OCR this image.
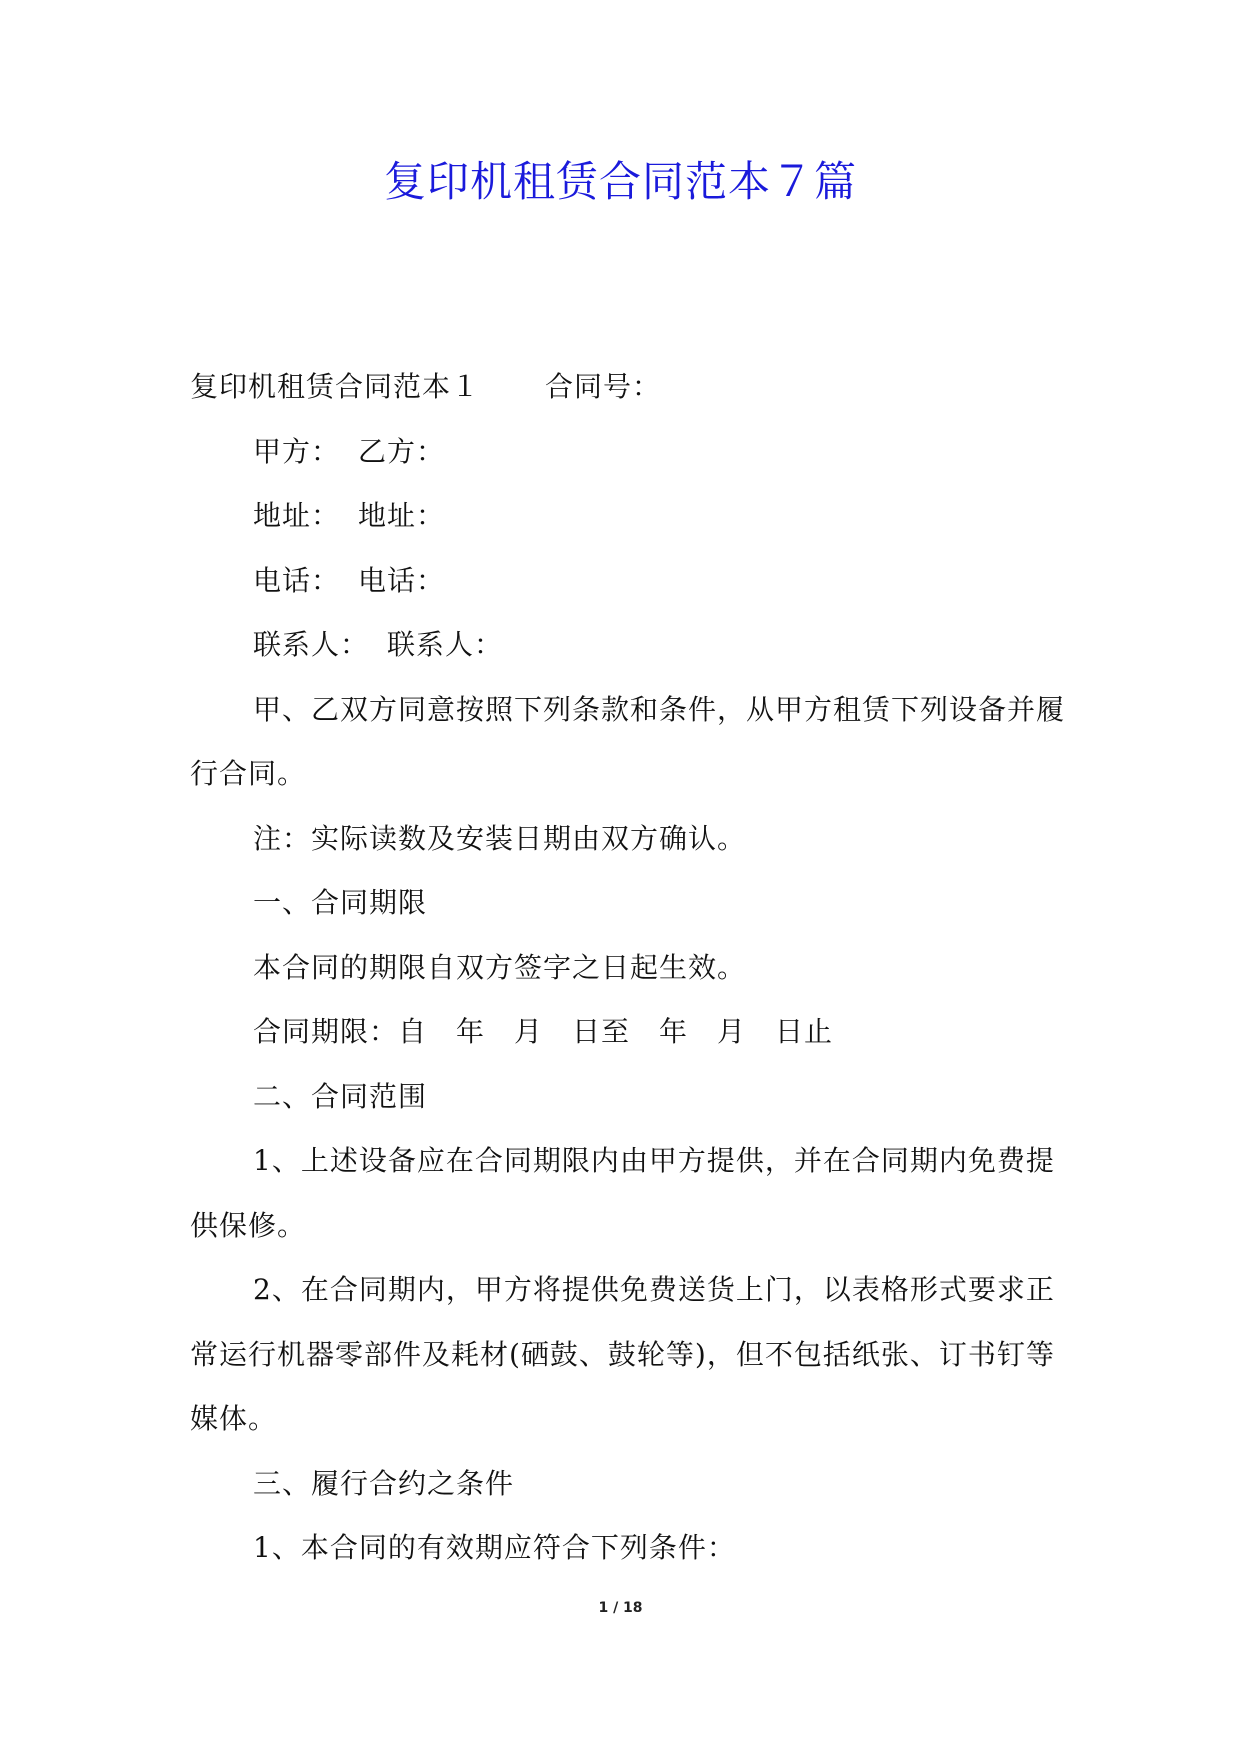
复印机租赁合同范本７篇

复印机租赁合同范本１ 合同号：

甲方： 乙方：

地址： 地址：

电话： 电话：

联系人： 联系人：

甲、乙双方同意按照下列条款和条件，从甲方租赁下列设备并履行合同。

注：实际读数及安装日期由双方确认。

一、合同期限

本合同的期限自双方签字之日起生效。

合同期限：自　年　月　日至　年　月　日止

二、合同范围

1、上述设备应在合同期限内由甲方提供，并在合同期内免费提供保修。

2、在合同期内，甲方将提供免费送货上门，以表格形式要求正常运行机器零部件及耗材(硒鼓、鼓轮等)，但不包括纸张、订书钉等媒体。

三、履行合约之条件

1、本合同的有效期应符合下列条件：

1 / 18
